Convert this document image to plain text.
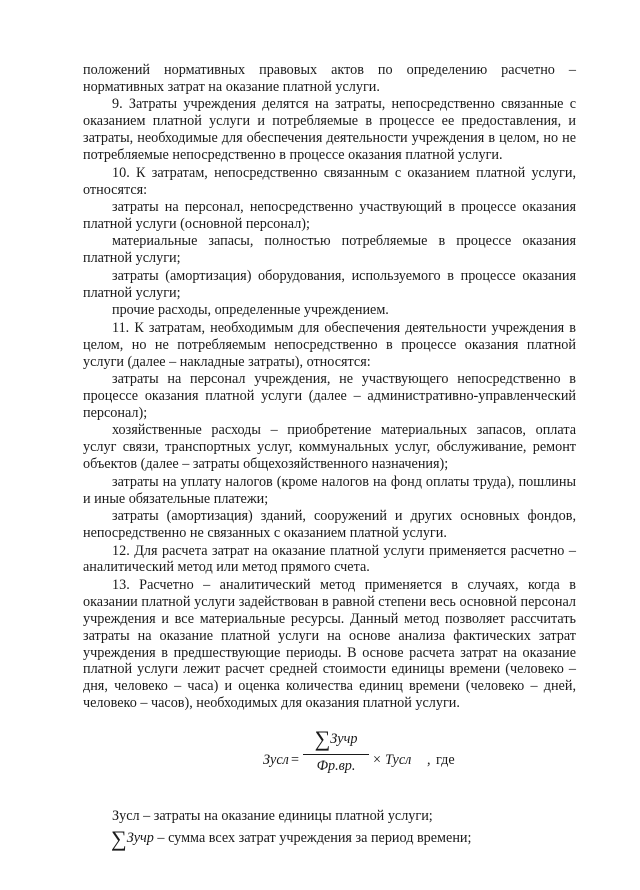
положений нормативных правовых актов по определению расчетно – нормативных затрат на оказание платной услуги.

9. Затраты учреждения делятся на затраты, непосредственно связанные с оказанием платной услуги и потребляемые в процессе ее предоставления, и затраты, необходимые для обеспечения деятельности учреждения в целом, но не потребляемые непосредственно в процессе оказания платной услуги.

10. К затратам, непосредственно связанным с оказанием платной услуги, относятся:

затраты на персонал, непосредственно участвующий в процессе оказания платной услуги (основной персонал);

материальные запасы, полностью потребляемые в процессе оказания платной услуги;

затраты (амортизация) оборудования, используемого в процессе оказания платной услуги;

прочие расходы, определенные учреждением.

11. К затратам, необходимым для обеспечения деятельности учреждения в целом, но не потребляемым непосредственно в процессе оказания платной услуги (далее – накладные затраты), относятся:

затраты на персонал учреждения, не участвующего непосредственно в процессе оказания платной услуги (далее – административно-управленческий персонал);

хозяйственные расходы – приобретение материальных запасов, оплата услуг связи, транспортных услуг, коммунальных услуг, обслуживание, ремонт объектов (далее – затраты общехозяйственного назначения);

затраты на уплату налогов (кроме налогов на фонд оплаты труда), пошлины и иные обязательные платежи;

затраты (амортизация) зданий, сооружений и других основных фондов, непосредственно не связанных с оказанием платной услуги.

12. Для расчета затрат на оказание платной услуги применяется расчетно – аналитический метод или метод прямого счета.

13. Расчетно – аналитический метод применяется в случаях, когда в оказании платной услуги задействован в равной степени весь основной персонал учреждения и все материальные ресурсы. Данный метод позволяет рассчитать затраты на оказание платной услуги на основе анализа фактических затрат учреждения в предшествующие периоды. В основе расчета затрат на оказание платной услуги лежит расчет средней стоимости единицы времени (человеко – дня, человеко – часа) и оценка количества единиц времени (человеко – дней, человеко – часов), необходимых для оказания платной услуги.

Зусл =
∑Зучр
Фр.вр.	× Тусл , где

Зусл – затраты на оказание единицы платной услуги;

∑Зучр – сумма всех затрат учреждения за период времени;
